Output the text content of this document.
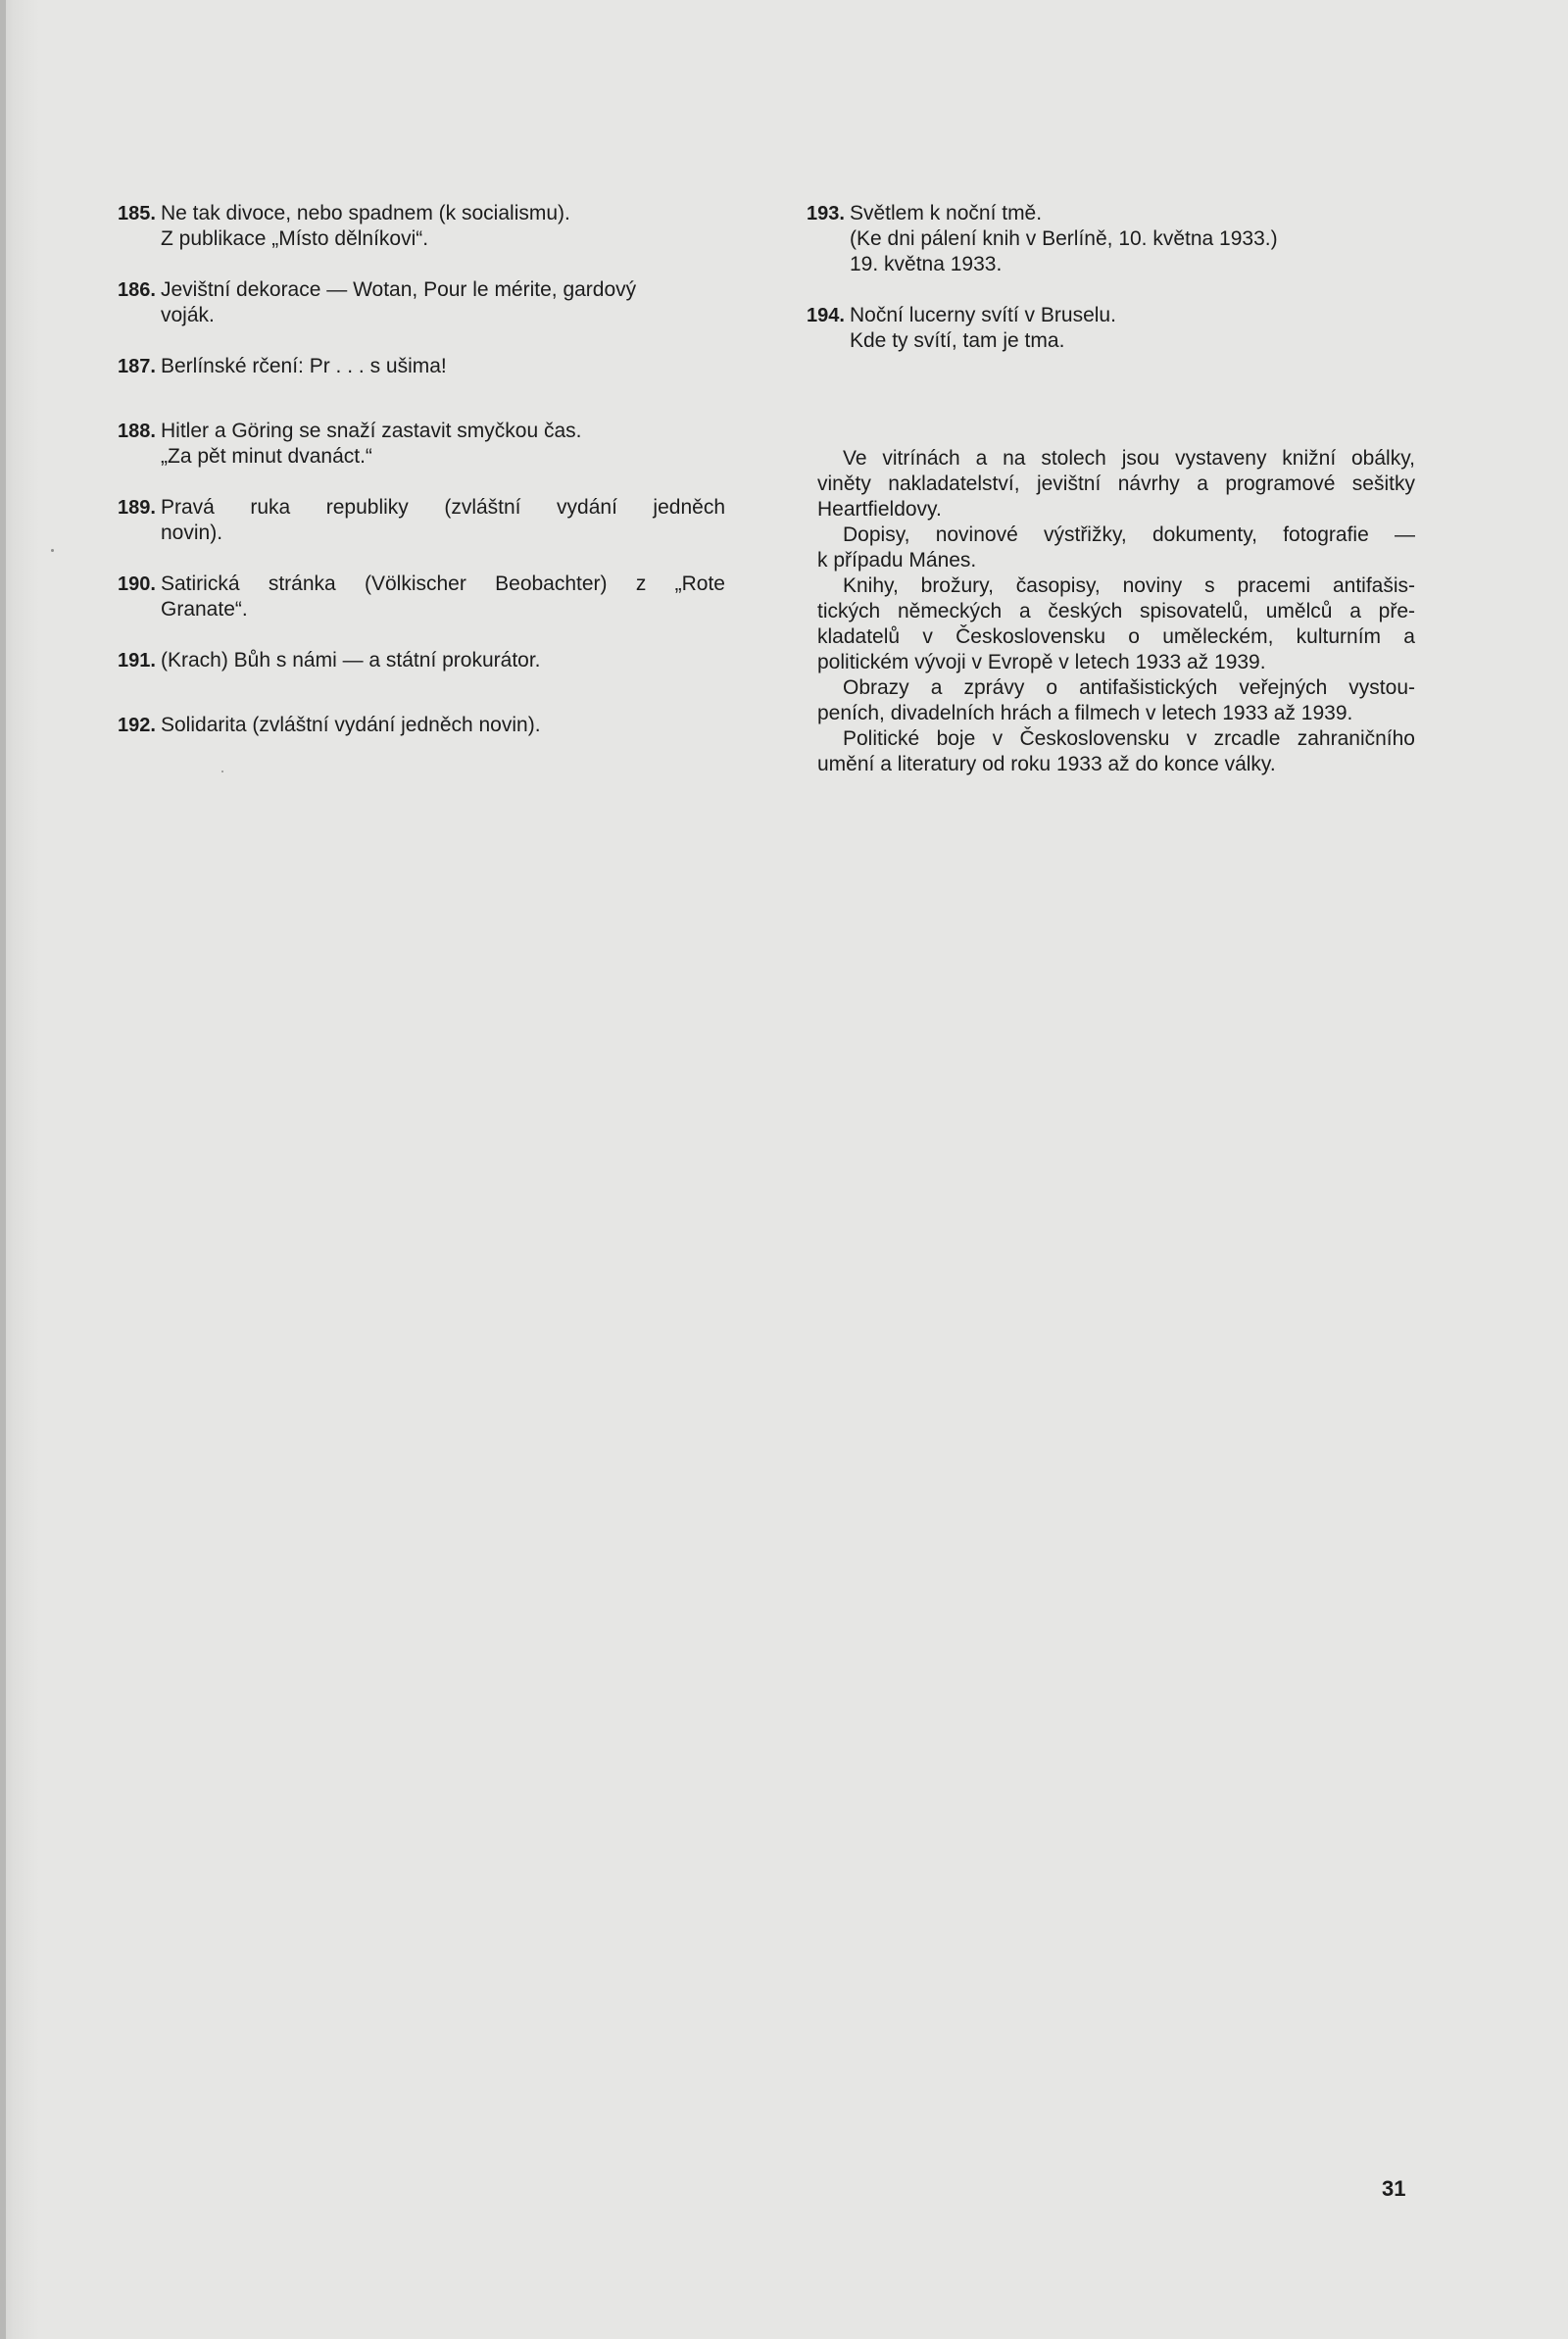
185. Ne tak divoce, nebo spadnem (k socialismu).
Z publikace „Místo dělníkovi“.
186. Jevištní dekorace — Wotan, Pour le mérite, gardový
voják.
187. Berlínské rčení: Pr . . . s ušima!
188. Hitler a Göring se snaží zastavit smyčkou čas.
„Za pět minut dvanáct.“
189. Pravá ruka republiky (zvláštní vydání jedněch
novin).
190. Satirická stránka (Völkischer Beobachter) z „Rote
Granate“.
191. (Krach) Bůh s námi — a státní prokurátor.
192. Solidarita (zvláštní vydání jedněch novin).
193. Světlem k noční tmě.
(Ke dni pálení knih v Berlíně, 10. května 1933.)
19. května 1933.
194. Noční lucerny svítí v Bruselu.
Kde ty svítí, tam je tma.

Ve vitrínách a na stolech jsou vystaveny knižní obálky,
viněty nakladatelství, jevištní návrhy a programové sešitky
Heartfieldovy.

Dopisy, novinové výstřižky, dokumenty, fotografie —
k případu Mánes.

Knihy, brožury, časopisy, noviny s pracemi antifašis-
tických německých a českých spisovatelů, umělců a pře-
kladatelů v Československu o uměleckém, kulturním a
politickém vývoji v Evropě v letech 1933 až 1939.

Obrazy a zprávy o antifašistických veřejných vystou-
peních, divadelních hrách a filmech v letech 1933 až 1939.

Politické boje v Československu v zrcadle zahraničního
umění a literatury od roku 1933 až do konce války.

31
